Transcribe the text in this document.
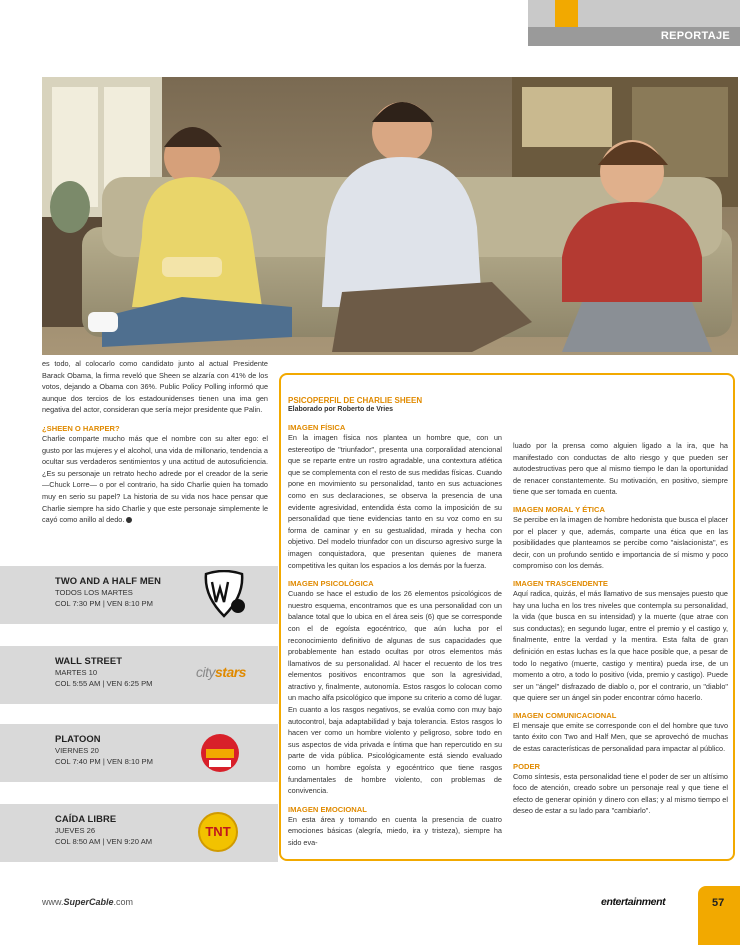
REPORTAJE

es todo, al colocarlo como candidato junto al actual Presidente Barack Obama, la firma reveló que Sheen se alzaría con 41% de los votos, dejando a Obama con 36%. Public Policy Polling informó que aunque dos tercios de los estadounidenses tienen una ima gen negativa del actor, consideran que sería mejor presidente que Palin.

¿SHEEN O HARPER?

Charlie comparte mucho más que el nombre con su alter ego: el gusto por las mujeres y el alcohol, una vida de millonario, tendencia a ocultar sus verdaderos sentimientos y una actitud de autosuficiencia. ¿Es su personaje un retrato hecho adrede por el creador de la serie —Chuck Lorre— o por el contrario, ha sido Charlie quien ha tomado muy en serio su papel? La historia de su vida nos hace pensar que Charlie siempre ha sido Charlie y que este personaje simplemente le cayó como anillo al dedo.

TWO AND A HALF MEN
TODOS LOS MARTES
COL 7:30 PM | VEN 8:10 PM
WALL STREET
MARTES 10
COL 5:55 AM | VEN 6:25 PM
citystars
PLATOON
VIERNES 20
COL 7:40 PM | VEN 8:10 PM
CAÍDA LIBRE
JUEVES 26
COL 8:50 AM | VEN 9:20 AM
TNT
PSICOPERFIL DE CHARLIE SHEEN
Elaborado por Roberto de Vries

IMAGEN FÍSICA

En la imagen física nos plantea un hombre que, con un estereotipo de "triunfador", presenta una corporalidad atencional que se reparte entre un rostro agradable, una contextura atlética que se complementa con el resto de sus medidas físicas. Cuando pone en movimiento su personalidad, tanto en sus actuaciones como en sus declaraciones, se observa la presencia de una evidente agresividad, entendida ésta como la imposición de su personalidad que tiene evidencias tanto en su voz como en su forma de caminar y en su gestualidad, mirada y hecha con objetivo. Del modelo triunfador con un discurso agresivo surge la imagen conquistadora, que presentan quienes de manera competitiva les quitan los espacios a los demás por la fuerza.

IMAGEN PSICOLÓGICA

Cuando se hace el estudio de los 26 elementos psicológicos de nuestro esquema, encontramos que es una personalidad con un balance total que lo ubica en el área seis (6) que se corresponde con el de egoísta egocéntrico, que aún lucha por el reconocimiento definitivo de algunas de sus capacidades que probablemente han estado ocultas por otros elementos más llamativos de su personalidad. Al hacer el recuento de los tres elementos positivos encontramos que son la agresividad, atractivo y, finalmente, autonomía. Estos rasgos lo colocan como un macho alfa psicológico que impone su criterio a como dé lugar. En cuanto a los rasgos negativos, se evalúa como con muy bajo autocontrol, baja adaptabilidad y baja tolerancia. Estos rasgos lo hacen ver como un hombre violento y peligroso, sobre todo en sus aspectos de vida privada e íntima que han repercutido en su parte de vida pública. Psicológicamente está siendo evaluado como un hombre egoísta y egocéntrico que tiene rasgos fundamentales de hombre violento, con problemas de convivencia.

IMAGEN EMOCIONAL

En esta área y tomando en cuenta la presencia de cuatro emociones básicas (alegría, miedo, ira y tristeza), siempre ha sido eva-

luado por la prensa como alguien ligado a la ira, que ha manifestado con conductas de alto riesgo y que pueden ser autodestructivas pero que al mismo tiempo le dan la oportunidad de renacer constantemente. Su motivación, en positivo, siempre tiene que ser tomada en cuenta.

IMAGEN MORAL Y ÉTICA

Se percibe en la imagen de hombre hedonista que busca el placer por el placer y que, además, comparte una ética que en las posibilidades que planteamos se percibe como "aislacionista", es decir, con un profundo sentido e importancia de sí mismo y poco compromiso con los demás.

IMAGEN TRASCENDENTE

Aquí radica, quizás, el más llamativo de sus mensajes puesto que hay una lucha en los tres niveles que contempla su personalidad, la vida (que busca en su intensidad) y la muerte (que atrae con sus conductas); en segundo lugar, entre el premio y el castigo y, finalmente, entre la verdad y la mentira. Esta falta de gran definición en estas luchas es la que hace posible que, a pesar de todo lo negativo (muerte, castigo y mentira) pueda irse, de un momento a otro, a todo lo positivo (vida, premio y castigo). Puede ser un "ángel" disfrazado de diablo o, por el contrario, un "diablo" que quiere ser un ángel sin poder encontrar cómo hacerlo.

IMAGEN COMUNICACIONAL

El mensaje que emite se corresponde con el del hombre que tuvo tanto éxito con Two and Half Men, que se aprovechó de muchas de estas características de personalidad para impactar al público.

PODER

Como síntesis, esta personalidad tiene el poder de ser un altísimo foco de atención, creado sobre un personaje real y que tiene el efecto de generar opinión y dinero con ellas; y al mismo tiempo el deseo de estar a su lado para "cambiarlo".

www.SuperCable.com	entertainment	57
